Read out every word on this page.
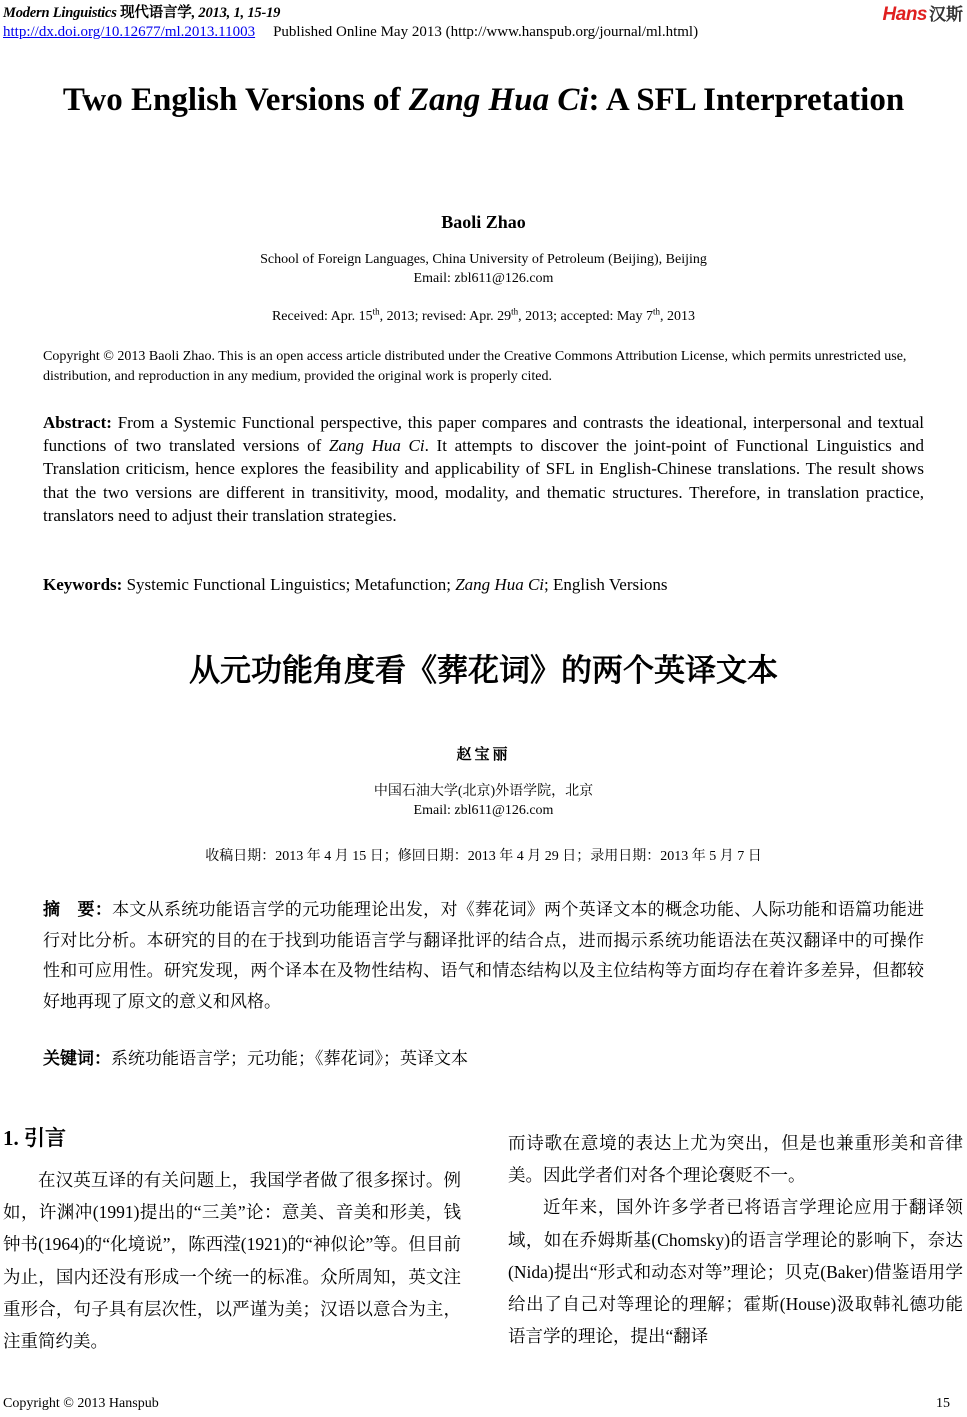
Modern Linguistics 现代语言学, 2013, 1, 15-19
http://dx.doi.org/10.12677/ml.2013.11003 Published Online May 2013 (http://www.hanspub.org/journal/ml.html)
Hans 汉斯
Two English Versions of Zang Hua Ci: A SFL Interpretation
Baoli Zhao
School of Foreign Languages, China University of Petroleum (Beijing), Beijing
Email: zbl611@126.com
Received: Apr. 15th, 2013; revised: Apr. 29th, 2013; accepted: May 7th, 2013
Copyright © 2013 Baoli Zhao. This is an open access article distributed under the Creative Commons Attribution License, which permits unrestricted use, distribution, and reproduction in any medium, provided the original work is properly cited.
Abstract: From a Systemic Functional perspective, this paper compares and contrasts the ideational, interpersonal and textual functions of two translated versions of Zang Hua Ci. It attempts to discover the joint-point of Functional Linguistics and Translation criticism, hence explores the feasibility and applicability of SFL in English-Chinese translations. The result shows that the two versions are different in transitivity, mood, modality, and thematic structures. Therefore, in translation practice, translators need to adjust their translation strategies.
Keywords: Systemic Functional Linguistics; Metafunction; Zang Hua Ci; English Versions
从元功能角度看《葬花词》的两个英译文本
赵宝丽
中国石油大学(北京)外语学院，北京
Email: zbl611@126.com
收稿日期：2013 年 4 月 15 日；修回日期：2013 年 4 月 29 日；录用日期：2013 年 5 月 7 日
摘　要：本文从系统功能语言学的元功能理论出发，对《葬花词》两个英译文本的概念功能、人际功能和语篇功能进行对比分析。本研究的目的在于找到功能语言学与翻译批评的结合点，进而揭示系统功能语法在英汉翻译中的可操作性和可应用性。研究发现，两个译本在及物性结构、语气和情态结构以及主位结构等方面均存在着许多差异，但都较好地再现了原文的意义和风格。
关键词：系统功能语言学；元功能；《葬花词》；英译文本
1. 引言

在汉英互译的有关问题上，我国学者做了很多探讨。例如，许渊冲(1991)提出的“三美”论：意美、音美和形美，钱钟书(1964)的“化境说”，陈西滢(1921)的“神似论”等。但目前为止，国内还没有形成一个统一的标准。众所周知，英文注重形合，句子具有层次性，以严谨为美；汉语以意合为主，注重简约美。

而诗歌在意境的表达上尤为突出，但是也兼重形美和音律美。因此学者们对各个理论褒贬不一。

近年来，国外许多学者已将语言学理论应用于翻译领域，如在乔姆斯基(Chomsky)的语言学理论的影响下，奈达(Nida)提出“形式和动态对等”理论；贝克(Baker)借鉴语用学给出了自己对等理论的理解；霍斯(House)汲取韩礼德功能语言学的理论，提出“翻译

Copyright © 2013 Hanspub	15
